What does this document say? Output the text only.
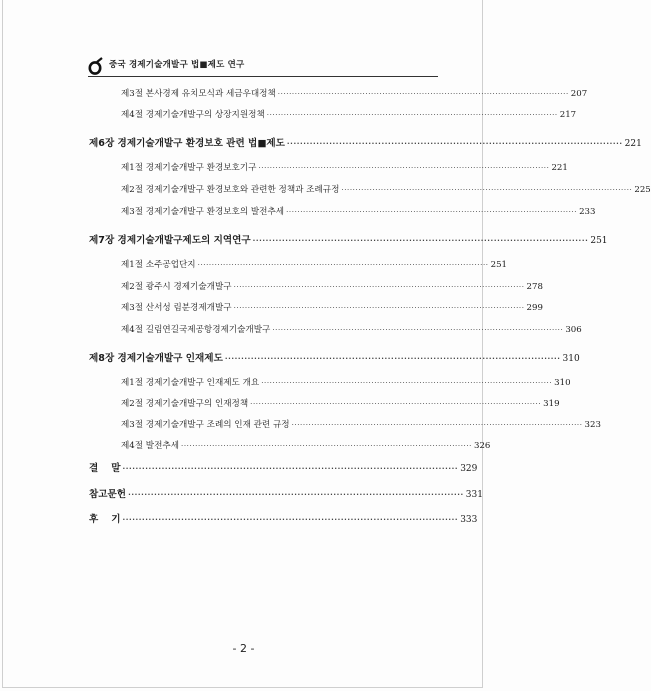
중국 경제기술개발구 법■제도 연구
제3절 본사경제 유치모식과 세금우대정책 ······································································································· 207
제4절 경제기술개발구의 상장지원정책 ······································································································· 217
제6장 경제기술개발구 환경보호 관련 법■제도 ······································································································· 221
제1절 경제기술개발구 환경보호기구 ······································································································· 221
제2절 경제기술개발구 환경보호와 관련한 정책과 조례규정 ······································································································· 225
제3절 경제기술개발구 환경보호의 발전추세 ······································································································· 233
제7장 경제기술개발구제도의 지역연구 ······································································································· 251
제1절 소주공업단지 ······································································································· 251
제2절 광주시 경제기술개발구 ······································································································· 278
제3절 산서성 림분경제개발구 ······································································································· 299
제4절 길림연길국제공항경제기술개발구 ······································································································· 306
제8장 경제기술개발구 인재제도 ······································································································· 310
제1절 경제기술개발구 인재제도 개요 ······································································································· 310
제2절 경제기술개발구의 인재정책 ······································································································· 319
제3절 경제기술개발구 조례의 인재 관련 규정 ······································································································· 323
제4절 발전추세 ······································································································· 326
결　 말 ······································································································· 329
참고문헌 ······································································································· 331
후　 기 ······································································································· 333
- 2 -
